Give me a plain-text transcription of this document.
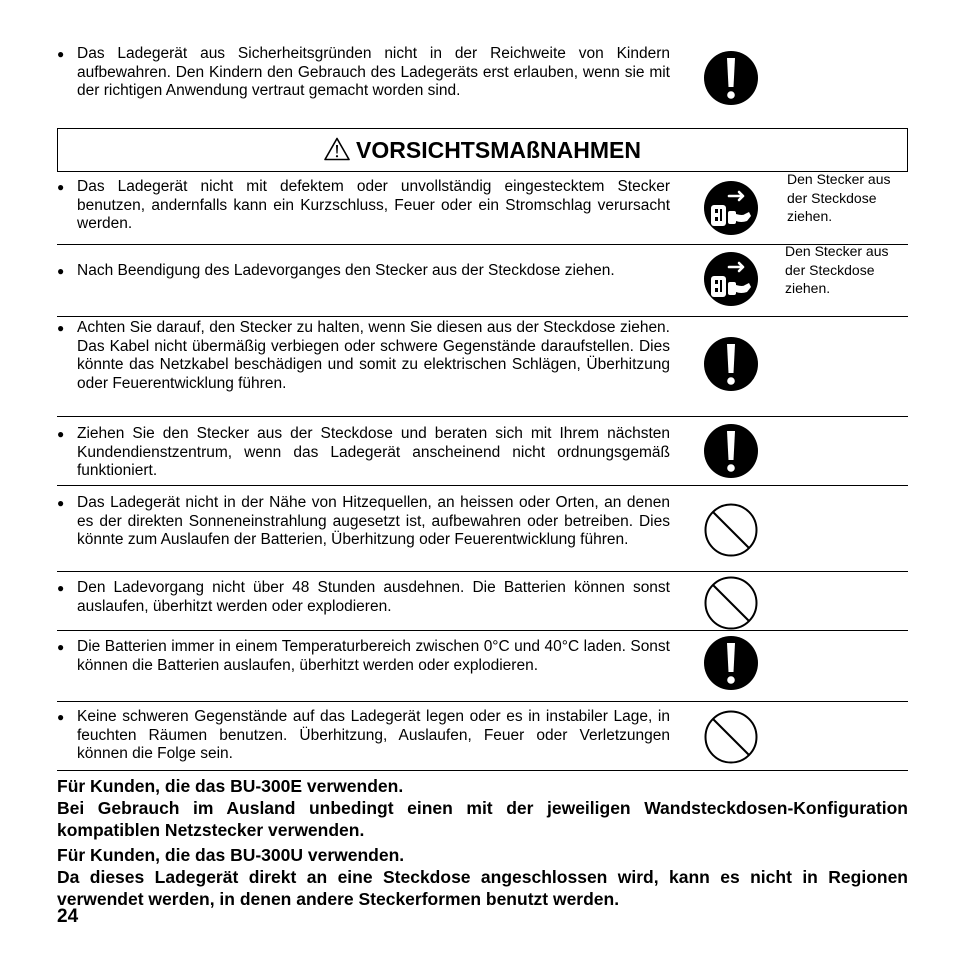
● Das Ladegerät aus Sicherheitsgründen nicht in der Reichweite von Kindern aufbewahren. Den Kindern den Gebrauch des Ladegeräts erst erlauben, wenn sie mit der richtigen Anwendung vertraut gemacht worden sind.
VORSICHTSMAßNAHMEN
● Das Ladegerät nicht mit defektem oder unvollständig eingestecktem Stecker benutzen, andernfalls kann ein Kurzschluss, Feuer oder ein Stromschlag verursacht werden.
Den Stecker aus der Steckdose ziehen.
● Nach Beendigung des Ladevorganges den Stecker aus der Steckdose ziehen.
Den Stecker aus der Steckdose ziehen.
● Achten Sie darauf, den Stecker zu halten, wenn Sie diesen aus der Steckdose ziehen. Das Kabel nicht übermäßig verbiegen oder schwere Gegenstände daraufstellen. Dies könnte das Netzkabel beschädigen und somit zu elektrischen Schlägen, Überhitzung oder Feuerentwicklung führen.
● Ziehen Sie den Stecker aus der Steckdose und beraten sich mit Ihrem nächsten Kundendienstzentrum, wenn das Ladegerät anscheinend nicht ordnungsgemäß funktioniert.
● Das Ladegerät nicht in der Nähe von Hitzequellen, an heissen oder Orten, an denen es der direkten Sonneneinstrahlung augesetzt ist, aufbewahren oder betreiben. Dies könnte zum Auslaufen der Batterien, Überhitzung oder Feuerentwicklung führen.
● Den Ladevorgang nicht über 48 Stunden ausdehnen. Die Batterien können sonst auslaufen, überhitzt werden oder explodieren.
● Die Batterien immer in einem Temperaturbereich zwischen 0°C und 40°C laden. Sonst können die Batterien auslaufen, überhitzt werden oder explodieren.
● Keine schweren Gegenstände auf das Ladegerät legen oder es in instabiler Lage, in feuchten Räumen benutzen. Überhitzung, Auslaufen, Feuer oder Verletzungen können die Folge sein.
Für Kunden, die das BU-300E verwenden.
Bei Gebrauch im Ausland unbedingt einen mit der jeweiligen Wandsteckdosen-Konfiguration kompatiblen Netzstecker verwenden.
Für Kunden, die das BU-300U verwenden.
Da dieses Ladegerät direkt an eine Steckdose angeschlossen wird, kann es nicht in Regionen verwendet werden, in denen andere Steckerformen benutzt werden.
24
